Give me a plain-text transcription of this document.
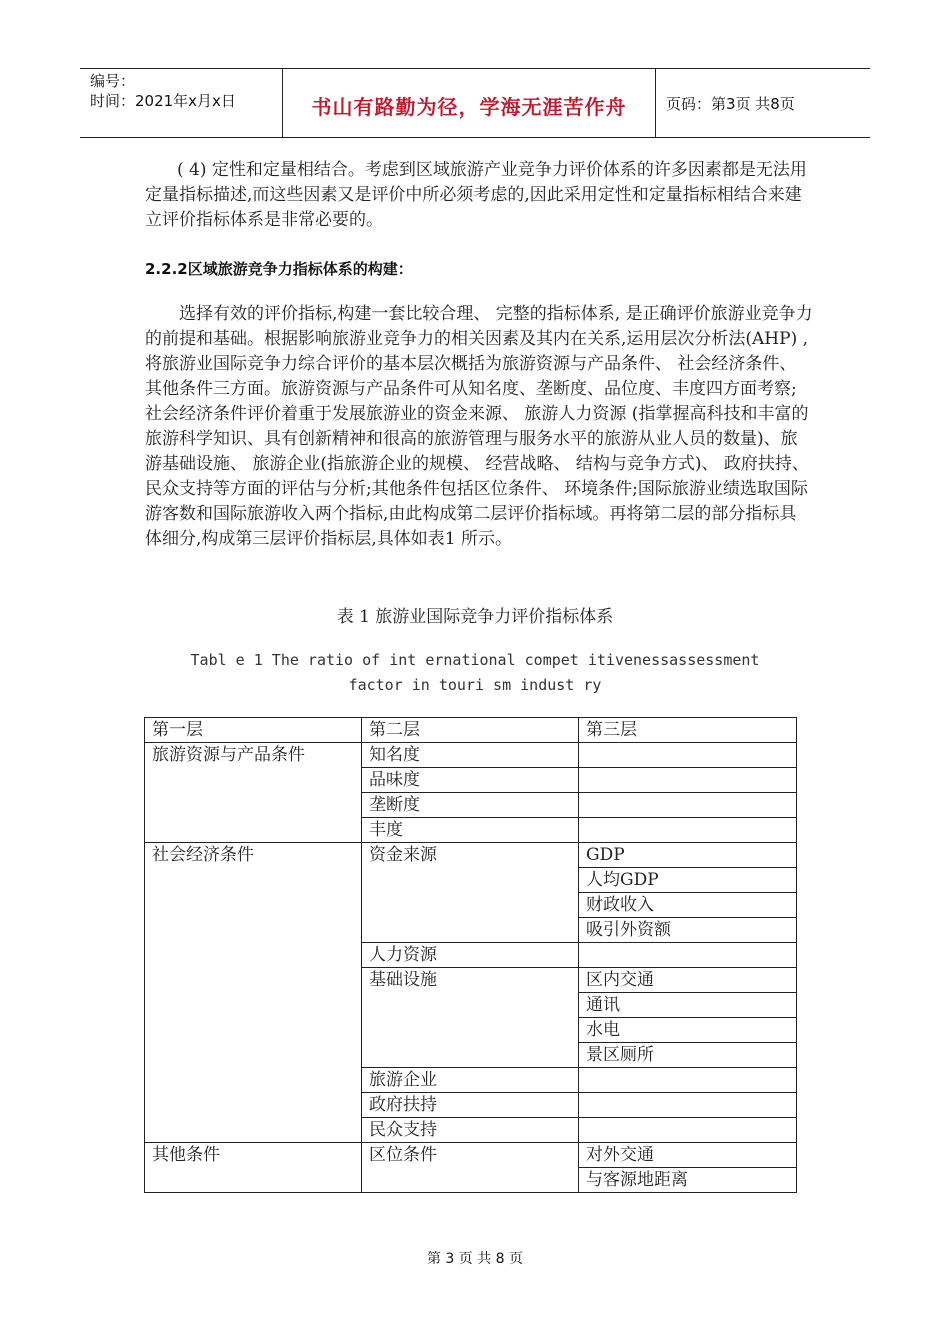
编号：
时间：2021年x月x日	书山有路勤为径，学海无涯苦作舟	页码：第3页 共8页

( 4) 定性和定量相结合。考虑到区域旅游产业竞争力评价体系的许多因素都是无法用定量指标描述,而这些因素又是评价中所必须考虑的,因此采用定性和定量指标相结合来建立评价指标体系是非常必要的。

2.2.2区域旅游竞争力指标体系的构建：

选择有效的评价指标,构建一套比较合理、 完整的指标体系, 是正确评价旅游业竞争力的前提和基础。根据影响旅游业竞争力的相关因素及其内在关系,运用层次分析法(AHP) ,将旅游业国际竞争力综合评价的基本层次概括为旅游资源与产品条件、 社会经济条件、 其他条件三方面。旅游资源与产品条件可从知名度、垄断度、品位度、丰度四方面考察; 社会经济条件评价着重于发展旅游业的资金来源、 旅游人力资源 (指掌握高科技和丰富的旅游科学知识、具有创新精神和很高的旅游管理与服务水平的旅游从业人员的数量)、旅游基础设施、 旅游企业(指旅游企业的规模、 经营战略、 结构与竞争方式)、 政府扶持、民众支持等方面的评估与分析;其他条件包括区位条件、 环境条件;国际旅游业绩选取国际游客数和国际旅游收入两个指标,由此构成第二层评价指标域。再将第二层的部分指标具体细分,构成第三层评价指标层,具体如表1 所示。

表 1 旅游业国际竞争力评价指标体系
Tabl e 1 The ratio of int ernational compet itivenessassessment
factor in touri sm indust ry
第一层	第二层	第三层
旅游资源与产品条件	知名度	
	品味度	
	垄断度	
	丰度	
社会经济条件	资金来源	GDP
		人均GDP
		财政收入
		吸引外资额
	人力资源	
	基础设施	区内交通
		通讯
		水电
		景区厕所
	旅游企业	
	政府扶持	
	民众支持	
其他条件	区位条件	对外交通
		与客源地距离
第 3 页 共 8 页
